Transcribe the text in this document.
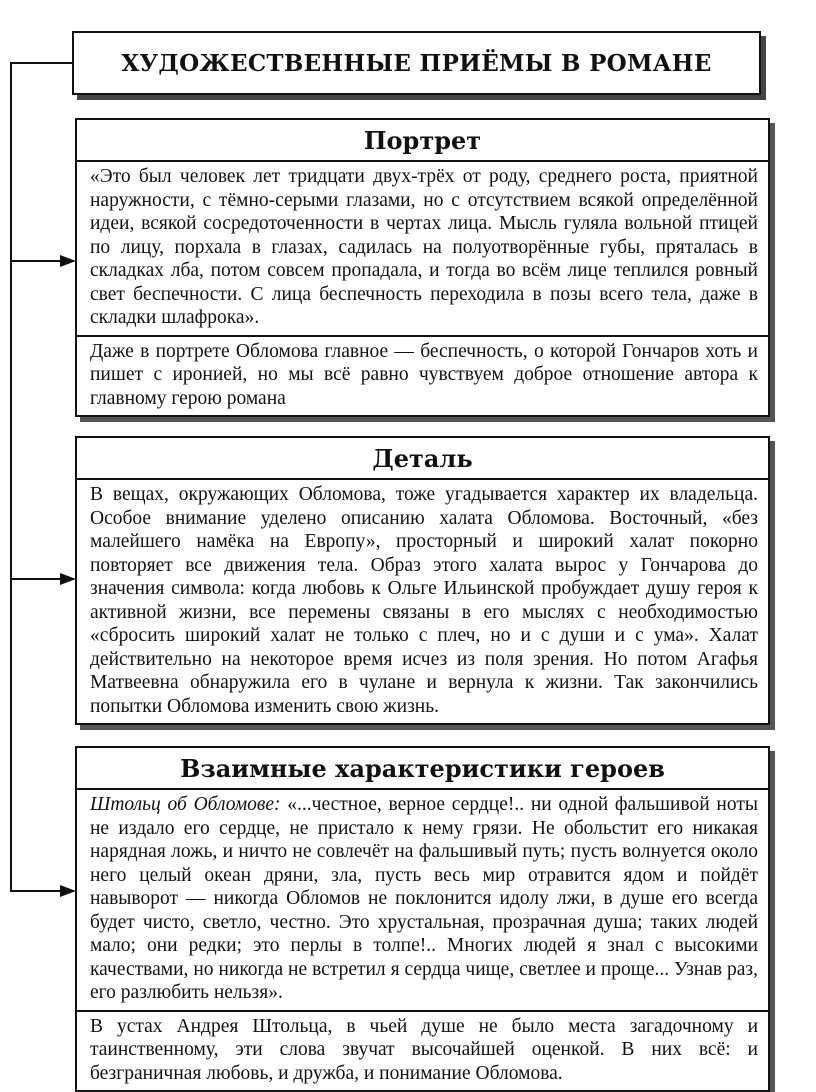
ХУДОЖЕСТВЕННЫЕ ПРИЁМЫ В РОМАНЕ
Портрет
«Это был человек лет тридцати двух-трёх от роду, среднего роста, приятной наружности, с тёмно-серыми глазами, но с отсутствием всякой определённой идеи, всякой сосредоточенности в чертах лица. Мысль гуляла вольной птицей по лицу, порхала в глазах, садилась на полуотворённые губы, пряталась в складках лба, потом совсем пропадала, и тогда во всём лице теплился ровный свет беспечности. С лица беспечность переходила в позы всего тела, даже в складки шлафрока».
Даже в портрете Обломова главное — беспечность, о которой Гончаров хоть и пишет с иронией, но мы всё равно чувствуем доброе отношение автора к главному герою романа
Деталь
В вещах, окружающих Обломова, тоже угадывается характер их владельца. Особое внимание уделено описанию халата Обломова. Восточный, «без малейшего намёка на Европу», просторный и широкий халат покорно повторяет все движения тела. Образ этого халата вырос у Гончарова до значения символа: когда любовь к Ольге Ильинской пробуждает душу героя к активной жизни, все перемены связаны в его мыслях с необходимостью «сбросить широкий халат не только с плеч, но и с души и с ума». Халат действительно на некоторое время исчез из поля зрения. Но потом Агафья Матвеевна обнаружила его в чулане и вернула к жизни. Так закончились попытки Обломова изменить свою жизнь.
Взаимные характеристики героев
Штольц об Обломове: «...честное, верное сердце!.. ни одной фальшивой ноты не издало его сердце, не пристало к нему грязи. Не обольстит его никакая нарядная ложь, и ничто не совлечёт на фальшивый путь; пусть волнуется около него целый океан дряни, зла, пусть весь мир отравится ядом и пойдёт навыворот — никогда Обломов не поклонится идолу лжи, в душе его всегда будет чисто, светло, честно. Это хрустальная, прозрачная душа; таких людей мало; они редки; это перлы в толпе!.. Многих людей я знал с высокими качествами, но никогда не встретил я сердца чище, светлее и проще... Узнав раз, его разлюбить нельзя».
В устах Андрея Штольца, в чьей душе не было места загадочному и таинственному, эти слова звучат высочайшей оценкой. В них всё: и безграничная любовь, и дружба, и понимание Обломова.
